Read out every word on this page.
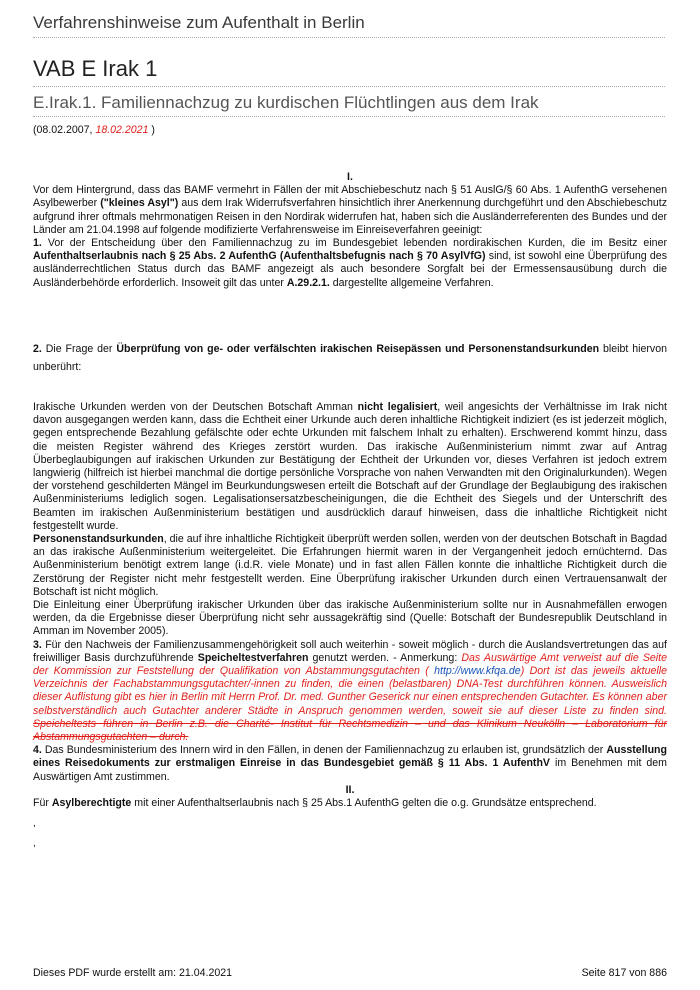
Verfahrenshinweise zum Aufenthalt in Berlin
VAB E Irak 1
E.Irak.1. Familiennachzug zu kurdischen Flüchtlingen aus dem Irak
(08.02.2007, 18.02.2021 )

I.

Vor dem Hintergrund, dass das BAMF vermehrt in Fällen der mit Abschiebeschutz nach § 51 AuslG/§ 60 Abs. 1 AufenthG versehenen Asylbewerber ("kleines Asyl") aus dem Irak Widerrufsverfahren hinsichtlich ihrer Anerkennung durchgeführt und den Abschiebeschutz aufgrund ihrer oftmals mehrmonatigen Reisen in den Nordirak widerrufen hat, haben sich die Ausländerreferenten des Bundes und der Länder am 21.04.1998 auf folgende modifizierte Verfahrensweise im Einreiseverfahren geeinigt:

1. Vor der Entscheidung über den Familiennachzug zu im Bundesgebiet lebenden nordirakischen Kurden, die im Besitz einer Aufenthaltserlaubnis nach § 25 Abs. 2 AufenthG (Aufenthaltsbefugnis nach § 70 AsylVfG) sind, ist sowohl eine Überprüfung des ausländerrechtlichen Status durch das BAMF angezeigt als auch besondere Sorgfalt bei der Ermessensausübung durch die Ausländerbehörde erforderlich. Insoweit gilt das unter A.29.2.1. dargestellte allgemeine Verfahren.

2. Die Frage der Überprüfung von ge- oder verfälschten irakischen Reisepässen und Personenstandsurkunden bleibt hiervon unberührt:

Irakische Urkunden werden von der Deutschen Botschaft Amman nicht legalisiert, weil angesichts der Verhältnisse im Irak nicht davon ausgegangen werden kann, dass die Echtheit einer Urkunde auch deren inhaltliche Richtigkeit indiziert (es ist jederzeit möglich, gegen entsprechende Bezahlung gefälschte oder echte Urkunden mit falschem Inhalt zu erhalten). Erschwerend kommt hinzu, dass die meisten Register während des Krieges zerstört wurden. Das irakische Außenministerium nimmt zwar auf Antrag Überbeglaubigungen auf irakischen Urkunden zur Bestätigung der Echtheit der Urkunden vor, dieses Verfahren ist jedoch extrem langwierig (hilfreich ist hierbei manchmal die dortige persönliche Vorsprache von nahen Verwandten mit den Originalurkunden). Wegen der vorstehend geschilderten Mängel im Beurkundungswesen erteilt die Botschaft auf der Grundlage der Beglaubigung des irakischen Außenministeriums lediglich sogen. Legalisationsersatzbescheinigungen, die die Echtheit des Siegels und der Unterschrift des Beamten im irakischen Außenministerium bestätigen und ausdrücklich darauf hinweisen, dass die inhaltliche Richtigkeit nicht festgestellt wurde.

Personenstandsurkunden, die auf ihre inhaltliche Richtigkeit überprüft werden sollen, werden von der deutschen Botschaft in Bagdad an das irakische Außenministerium weitergeleitet. Die Erfahrungen hiermit waren in der Vergangenheit jedoch ernüchternd. Das Außenministerium benötigt extrem lange (i.d.R. viele Monate) und in fast allen Fällen konnte die inhaltliche Richtigkeit durch die Zerstörung der Register nicht mehr festgestellt werden. Eine Überprüfung irakischer Urkunden durch einen Vertrauensanwalt der Botschaft ist nicht möglich.

Die Einleitung einer Überprüfung irakischer Urkunden über das irakische Außenministerium sollte nur in Ausnahmefällen erwogen werden, da die Ergebnisse dieser Überprüfung nicht sehr aussagekräftig sind (Quelle: Botschaft der Bundesrepublik Deutschland in Amman im November 2005).

3. Für den Nachweis der Familienzusammengehörigkeit soll auch weiterhin - soweit möglich - durch die Auslandsvertretungen das auf freiwilliger Basis durchzuführende Speicheltestverfahren genutzt werden. - Anmerkung: Das Auswärtige Amt verweist auf die Seite der Kommission zur Feststellung der Qualifikation von Abstammungsgutachten ( http://www.kfqa.de) Dort ist das jeweils aktuelle Verzeichnis der Fachabstammungsgutachter/-innen zu finden, die einen (belastbaren) DNA-Test durchführen können. Ausweislich dieser Auflistung gibt es hier in Berlin mit Herrn Prof. Dr. med. Gunther Geserick nur einen entsprechenden Gutachter. Es können aber selbstverständlich auch Gutachter anderer Städte in Anspruch genommen werden, soweit sie auf dieser Liste zu finden sind. Speicheltests führen in Berlin z.B. die Charité- Institut für Rechtsmedizin – und das Klinikum Neukölln – Laboratorium für Abstammungsgutachten – durch.

4. Das Bundesministerium des Innern wird in den Fällen, in denen der Familiennachzug zu erlauben ist, grundsätzlich der Ausstellung eines Reisedokuments zur erstmaligen Einreise in das Bundesgebiet gemäß § 11 Abs. 1 AufenthV im Benehmen mit dem Auswärtigen Amt zustimmen.

II.

Für Asylberechtigte mit einer Aufenthaltserlaubnis nach § 25 Abs.1 AufenthG gelten die o.g. Grundsätze entsprechend.

,
,
Dieses PDF wurde erstellt am: 21.04.2021	Seite 817 von 886
